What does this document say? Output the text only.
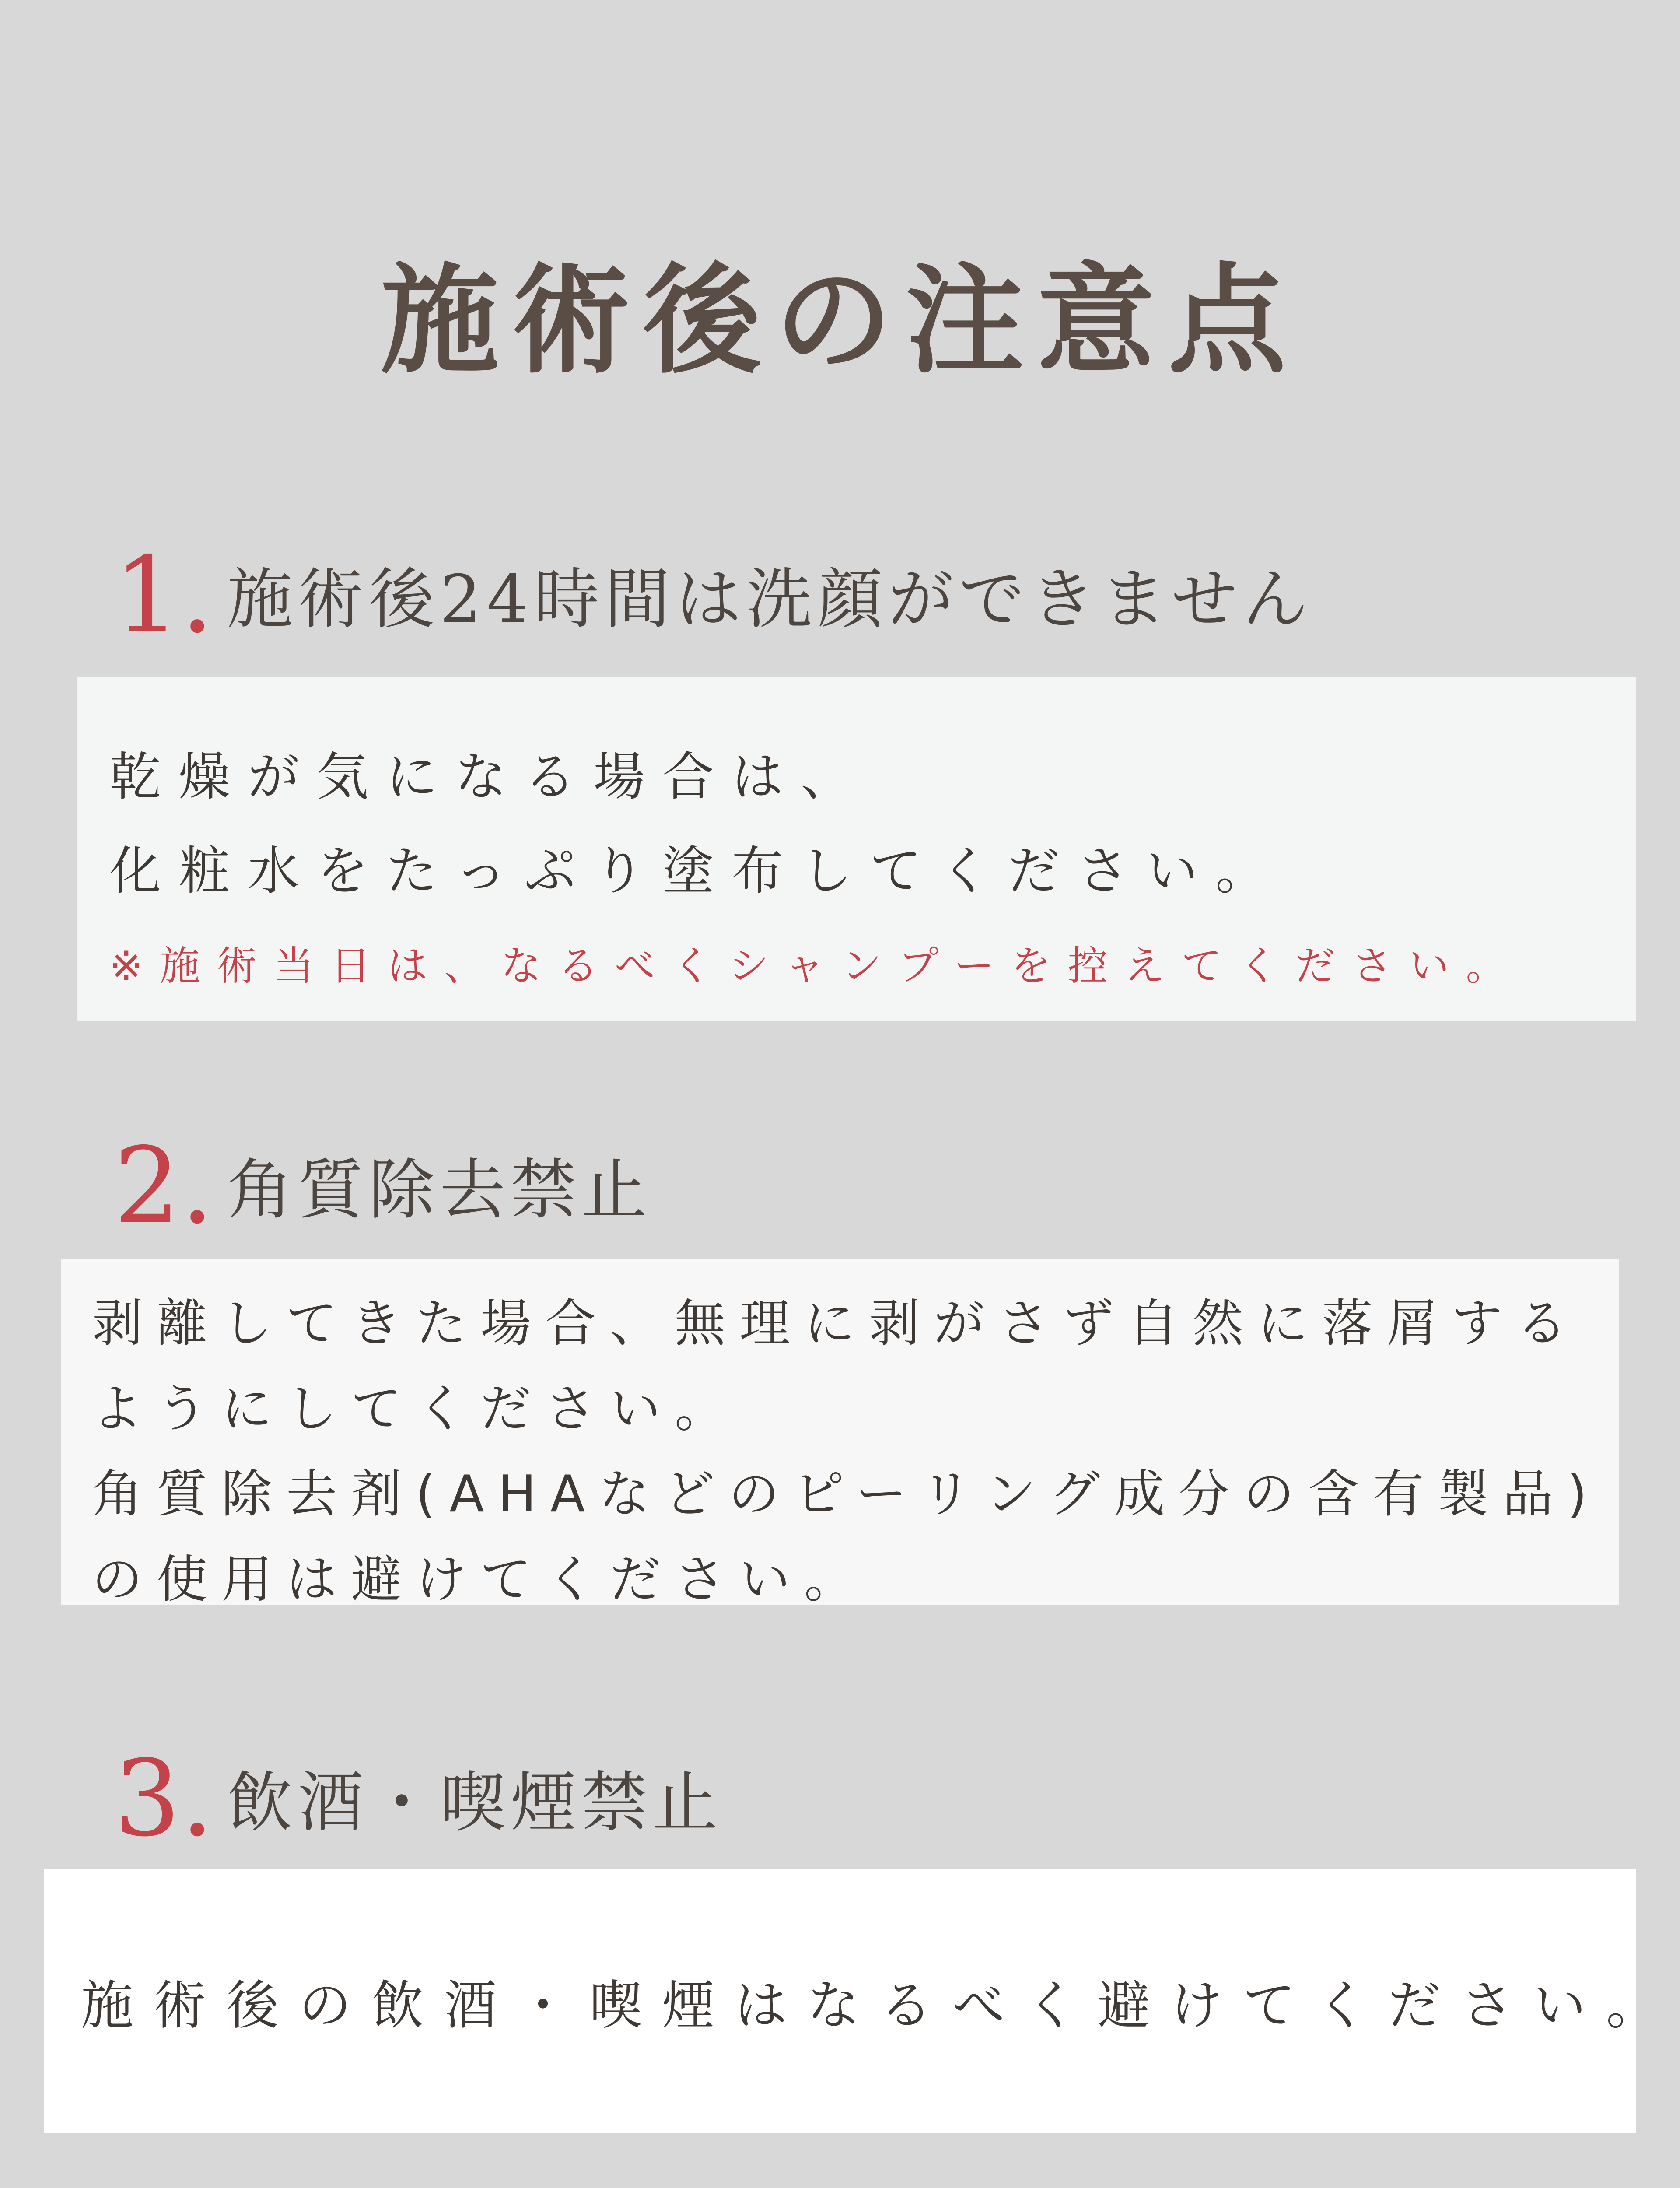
施術後の注意点
1. 施術後24時間は洗顔ができません
乾燥が気になる場合は、
化粧水をたっぷり塗布してください。
※施術当日は、なるべくシャンプーを控えてください。
2. 角質除去禁止
剥離してきた場合、無理に剥がさず自然に落屑する
ようにしてください。
角質除去剤(AHAなどのピーリング成分の含有製品)
の使用は避けてください。
3. 飲酒・喫煙禁止
施術後の飲酒・喫煙はなるべく避けてください。
